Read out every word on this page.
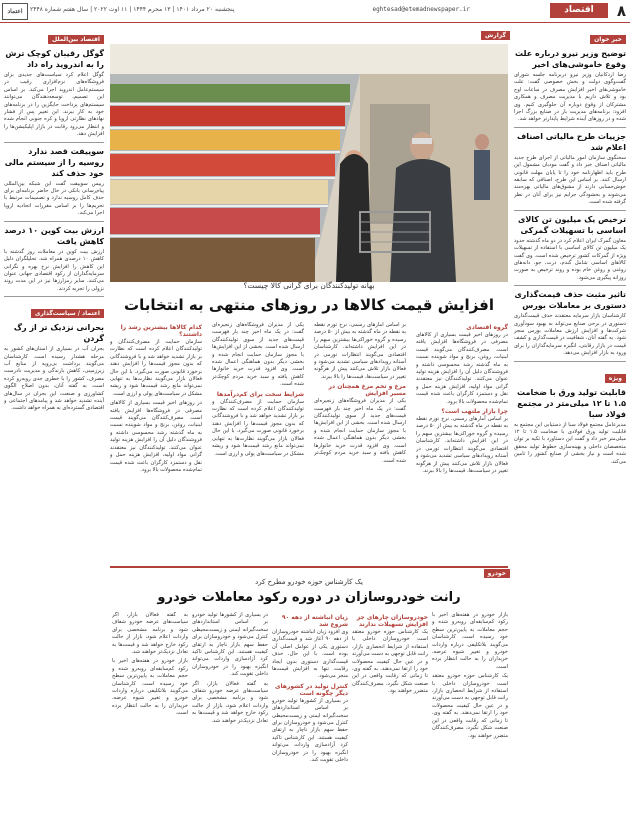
۸
اقتصاد
eghtesad@etemadnewspaper.ir
پنجشنبه ۲۰ مرداد ۱۴۰۱ | ۱۳ محرم ۱۴۴۴ | ۱۱ اوت ۲۰۲۲ | سال هفتم شماره ۲۴۴۸
اعتماد
خبر خوان
توضیح وزیر نیرو درباره علت وقوع خاموشی‌های اخیر

رضا اردکانیان وزیر نیرو دربرنامه جلسه شورای گفت‌وگوی دولت و بخش خصوصی گفت: علت خاموشی‌های اخیر افزایش مصرف در ساعات اوج بود و تلاش داریم با مدیریت مصرف و همکاری مشترکان از وقوع دوباره آن جلوگیری کنیم. وی افزود: برنامه‌های مدیریت بار در صنایع بزرگ اجرا شده و در روزهای آینده شرایط پایدارتر خواهد شد.

جزییات طرح مالیاتی اصناف اعلام شد

سخنگوی سازمان امور مالیاتی از اجرای طرح جدید مالیاتی اصناف خبر داد و گفت مودیان مشمول این طرح باید اظهارنامه خود را تا پایان مهلت قانونی ارسال کنند. بر اساس این طرح، اصنافی که سابقه خوش‌حسابی دارند از مشوق‌های مالیاتی بهره‌مند می‌شوند و بخشودگی جرایم نیز برای آنان در نظر گرفته شده است.

ترخیص یک میلیون تن کالای اساسی با تسهیلات گمرکی

معاون گمرک ایران اعلام کرد در دو ماه گذشته حدود یک میلیون تن کالای اساسی با استفاده از تسهیلات ویژه از گمرکات کشور ترخیص شده است. وی گفت کالاهای اساسی شامل گندم، ذرت، جو، دانه‌های روغنی و روغن خام بوده و روند ترخیص به صورت روزانه پیگیری می‌شود.

تاثیر مثبت حذف قیمت‌گذاری دستوری بر معاملات بورس

کارشناسان بازار سرمایه معتقدند حذف قیمت‌گذاری دستوری در برخی صنایع می‌تواند به بهبود سودآوری شرکت‌ها و افزایش ارزش معاملات بورس منجر شود. به گفته آنان، شفافیت در قیمت‌گذاری و کشف قیمت در بازار رقابتی، انگیزه سرمایه‌گذاران را برای ورود به بازار افزایش می‌دهد.

ویژه
قابلیت تولید ورق با ضخامت ۱.۵ تا ۱۲ میلی‌متر در مجتمع فولاد سبا

مدیرعامل مجتمع فولاد سبا از دستیابی این مجتمع به قابلیت تولید ورق فولادی با ضخامت ۱.۵ تا ۱۲ میلی‌متر خبر داد و گفت این دستاورد با تکیه بر توان متخصصان داخلی و بهینه‌سازی خطوط تولید محقق شده است و نیاز بخشی از صنایع کشور را تامین می‌کند.

اقتصاد بین‌الملل
گوگل رقیبان کوچک ترش را به اندروید راه داد

گوگل اعلام کرد سیاست‌های جدیدی برای فروشگاه‌های نرم‌افزاری رقیب در سیستم‌عامل اندروید اجرا می‌کند. بر اساس این تصمیم، توسعه‌دهندگان می‌توانند سیستم‌های پرداخت جایگزین را در برنامه‌های خود به کار ببرند. این تغییر پس از فشار نهادهای نظارتی اروپا و کره جنوبی انجام شده و انتظار می‌رود رقابت در بازار اپلیکیشن‌ها را افزایش دهد.

سوییفت قصد ندارد روسیه را از سیستم مالی خود حذف کند

رییس سوییفت گفت این شبکه بین‌المللی پیام‌رسانی بانکی در حال حاضر برنامه‌ای برای حذف کامل روسیه ندارد و تصمیمات مرتبط با تحریم‌ها را بر اساس مقررات اتحادیه اروپا اجرا می‌کند.

ارزش بیت کوین ۱۰ درصد کاهش یافت

ارزش بیت کوین در معاملات روز گذشته با کاهش ۱۰ درصدی همراه شد. تحلیلگران دلیل این کاهش را افزایش نرخ بهره و نگرانی سرمایه‌گذاران از رکود اقتصادی جهانی عنوان می‌کنند. سایر رمزارزها نیز در این مدت روند نزولی را تجربه کردند.

اعتماد / سیاست‌گذاری
بحرانی نزدیک تر از رگ گردن

بحران آب در بسیاری از استان‌های کشور به مرحله هشدار رسیده است. کارشناسان می‌گویند برداشت بی‌رویه از منابع آب زیرزمینی، کاهش بارندگی و مدیریت نادرست مصرف، کشور را با خطری جدی روبه‌رو کرده است. به گفته آنان، بدون اصلاح الگوی کشاورزی و صنعت، این بحران در سال‌های آینده تشدید خواهد شد و پیامدهای اجتماعی و اقتصادی گسترده‌ای به همراه خواهد داشت.

گزارش
بهانه تولیدکنندگان برای گرانی کالا چیست؟
افزایش قیمت کالاها در روزهای منتهی به انتخابات
گروه اقتصادی

در روزهای اخیر قیمت بسیاری از کالاهای مصرفی در فروشگاه‌ها افزایش یافته است. مصرف‌کنندگان می‌گویند قیمت لبنیات، روغن، برنج و مواد شوینده نسبت به ماه گذشته رشد محسوسی داشته و فروشندگان دلیل آن را افزایش هزینه تولید عنوان می‌کنند. تولیدکنندگان نیز معتقدند گرانی مواد اولیه، افزایش هزینه حمل و نقل و دستمزد کارگران باعث شده قیمت تمام‌شده محصولات بالا برود.

چرا بازار ملتهب است؟

بر اساس آمارهای رسمی، نرخ تورم نقطه به نقطه در ماه گذشته به بیش از ۵۰ درصد رسیده و گروه خوراکی‌ها بیشترین سهم را در این افزایش داشته‌اند. کارشناسان اقتصادی می‌گویند انتظارات تورمی در آستانه رویدادهای سیاسی تشدید می‌شود و فعالان بازار تلاش می‌کنند پیش از هرگونه تغییر در سیاست‌ها، قیمت‌ها را بالا ببرند.

بر اساس آمارهای رسمی، نرخ تورم نقطه به نقطه در ماه گذشته به بیش از ۵۰ درصد رسیده و گروه خوراکی‌ها بیشترین سهم را در این افزایش داشته‌اند. کارشناسان اقتصادی می‌گویند انتظارات تورمی در آستانه رویدادهای سیاسی تشدید می‌شود و فعالان بازار تلاش می‌کنند پیش از هرگونه تغییر در سیاست‌ها، قیمت‌ها را بالا ببرند.

مرغ و تخم مرغ همچنان در مسیر افزایش

یکی از مدیران فروشگاه‌های زنجیره‌ای گفت: در یک ماه اخیر چند بار فهرست قیمت‌های جدید از سوی تولیدکنندگان ارسال شده است. بخشی از این افزایش‌ها با مجوز سازمان حمایت انجام شده و بخشی دیگر بدون هماهنگی اعمال شده است. وی افزود قدرت خرید خانوارها کاهش یافته و سبد خرید مردم کوچک‌تر شده است.

یکی از مدیران فروشگاه‌های زنجیره‌ای گفت: در یک ماه اخیر چند بار فهرست قیمت‌های جدید از سوی تولیدکنندگان ارسال شده است. بخشی از این افزایش‌ها با مجوز سازمان حمایت انجام شده و بخشی دیگر بدون هماهنگی اعمال شده است. وی افزود قدرت خرید خانوارها کاهش یافته و سبد خرید مردم کوچک‌تر شده است.

شرایط سخت برای کم‌درآمدها

سازمان حمایت از مصرف‌کنندگان و تولیدکنندگان اعلام کرده است که نظارت بر بازار تشدید خواهد شد و با فروشندگانی که بدون مجوز قیمت‌ها را افزایش دهند برخورد قانونی صورت می‌گیرد. با این حال فعالان بازار می‌گویند نظارت‌ها به تنهایی نمی‌تواند مانع رشد قیمت‌ها شود و ریشه مشکل در سیاست‌های پولی و ارزی است.

کدام کالاها بیشترین رشد را داشتند؟

سازمان حمایت از مصرف‌کنندگان و تولیدکنندگان اعلام کرده است که نظارت بر بازار تشدید خواهد شد و با فروشندگانی که بدون مجوز قیمت‌ها را افزایش دهند برخورد قانونی صورت می‌گیرد. با این حال فعالان بازار می‌گویند نظارت‌ها به تنهایی نمی‌تواند مانع رشد قیمت‌ها شود و ریشه مشکل در سیاست‌های پولی و ارزی است.

در روزهای اخیر قیمت بسیاری از کالاهای مصرفی در فروشگاه‌ها افزایش یافته است. مصرف‌کنندگان می‌گویند قیمت لبنیات، روغن، برنج و مواد شوینده نسبت به ماه گذشته رشد محسوسی داشته و فروشندگان دلیل آن را افزایش هزینه تولید عنوان می‌کنند. تولیدکنندگان نیز معتقدند گرانی مواد اولیه، افزایش هزینه حمل و نقل و دستمزد کارگران باعث شده قیمت تمام‌شده محصولات بالا برود.

خودرو
یک کارشناس حوزه خودرو مطرح کرد
رانت خودروسازان در دوره رکود معاملات خودرو

بازار خودرو در هفته‌های اخیر با رکود کم‌سابقه‌ای روبه‌رو شده و حجم معاملات به پایین‌ترین سطح خود رسیده است. کارشناسان می‌گویند بلاتکلیفی درباره واردات خودرو و تغییر شیوه عرضه، خریداران را به حالت انتظار برده است.

یک کارشناس حوزه خودرو معتقد است خودروسازان داخلی با استفاده از شرایط انحصاری بازار، رانت قابل توجهی به دست می‌آورند و در عین حال کیفیت محصولات خود را ارتقا نمی‌دهند. به گفته وی، تا زمانی که رقابت واقعی در این صنعت شکل نگیرد، مصرف‌کنندگان متضرر خواهند بود.

خودروسازان چارهای جز افزایش تسهیلات ندارند

یک کارشناس حوزه خودرو معتقد است خودروسازان داخلی با استفاده از شرایط انحصاری بازار، رانت قابل توجهی به دست می‌آورند و در عین حال کیفیت محصولات خود را ارتقا نمی‌دهند. به گفته وی، تا زمانی که رقابت واقعی در این صنعت شکل نگیرد، مصرف‌کنندگان متضرر خواهند بود.

زیان انباشته از دهه ۹۰ شروع شد

وی افزود زیان انباشته خودروسازان از دهه ۹۰ آغاز شد و قیمت‌گذاری دستوری یکی از عوامل اصلی آن بوده است. با این حال، حذف قیمت‌گذاری دستوری بدون ایجاد رقابت، تنها به افزایش قیمت‌ها منجر می‌شود.

کنترل تولید در کشورهای دیگر چگونه است

در بسیاری از کشورها تولید خودرو بر اساس استانداردهای سخت‌گیرانه ایمنی و زیست‌محیطی کنترل می‌شود و خودروسازان برای حفظ سهم بازار ناچار به ارتقای کیفیت هستند. این کارشناس تاکید کرد آزادسازی واردات می‌تواند انگیزه بهبود را در خودروسازان داخلی تقویت کند.

در بسیاری از کشورها تولید خودرو بر اساس استانداردهای سخت‌گیرانه ایمنی و زیست‌محیطی کنترل می‌شود و خودروسازان برای حفظ سهم بازار ناچار به ارتقای کیفیت هستند. این کارشناس تاکید کرد آزادسازی واردات می‌تواند انگیزه بهبود را در خودروسازان داخلی تقویت کند.

به گفته فعالان بازار، اگر سیاست‌های عرضه خودرو شفاف شود و برنامه مشخصی برای واردات اعلام شود، بازار از حالت رکود خارج خواهد شد و قیمت‌ها به تعادل نزدیک‌تر خواهند شد.

به گفته فعالان بازار، اگر سیاست‌های عرضه خودرو شفاف شود و برنامه مشخصی برای واردات اعلام شود، بازار از حالت رکود خارج خواهد شد و قیمت‌ها به تعادل نزدیک‌تر خواهند شد.

بازار خودرو در هفته‌های اخیر با رکود کم‌سابقه‌ای روبه‌رو شده و حجم معاملات به پایین‌ترین سطح خود رسیده است. کارشناسان می‌گویند بلاتکلیفی درباره واردات خودرو و تغییر شیوه عرضه، خریداران را به حالت انتظار برده است.
